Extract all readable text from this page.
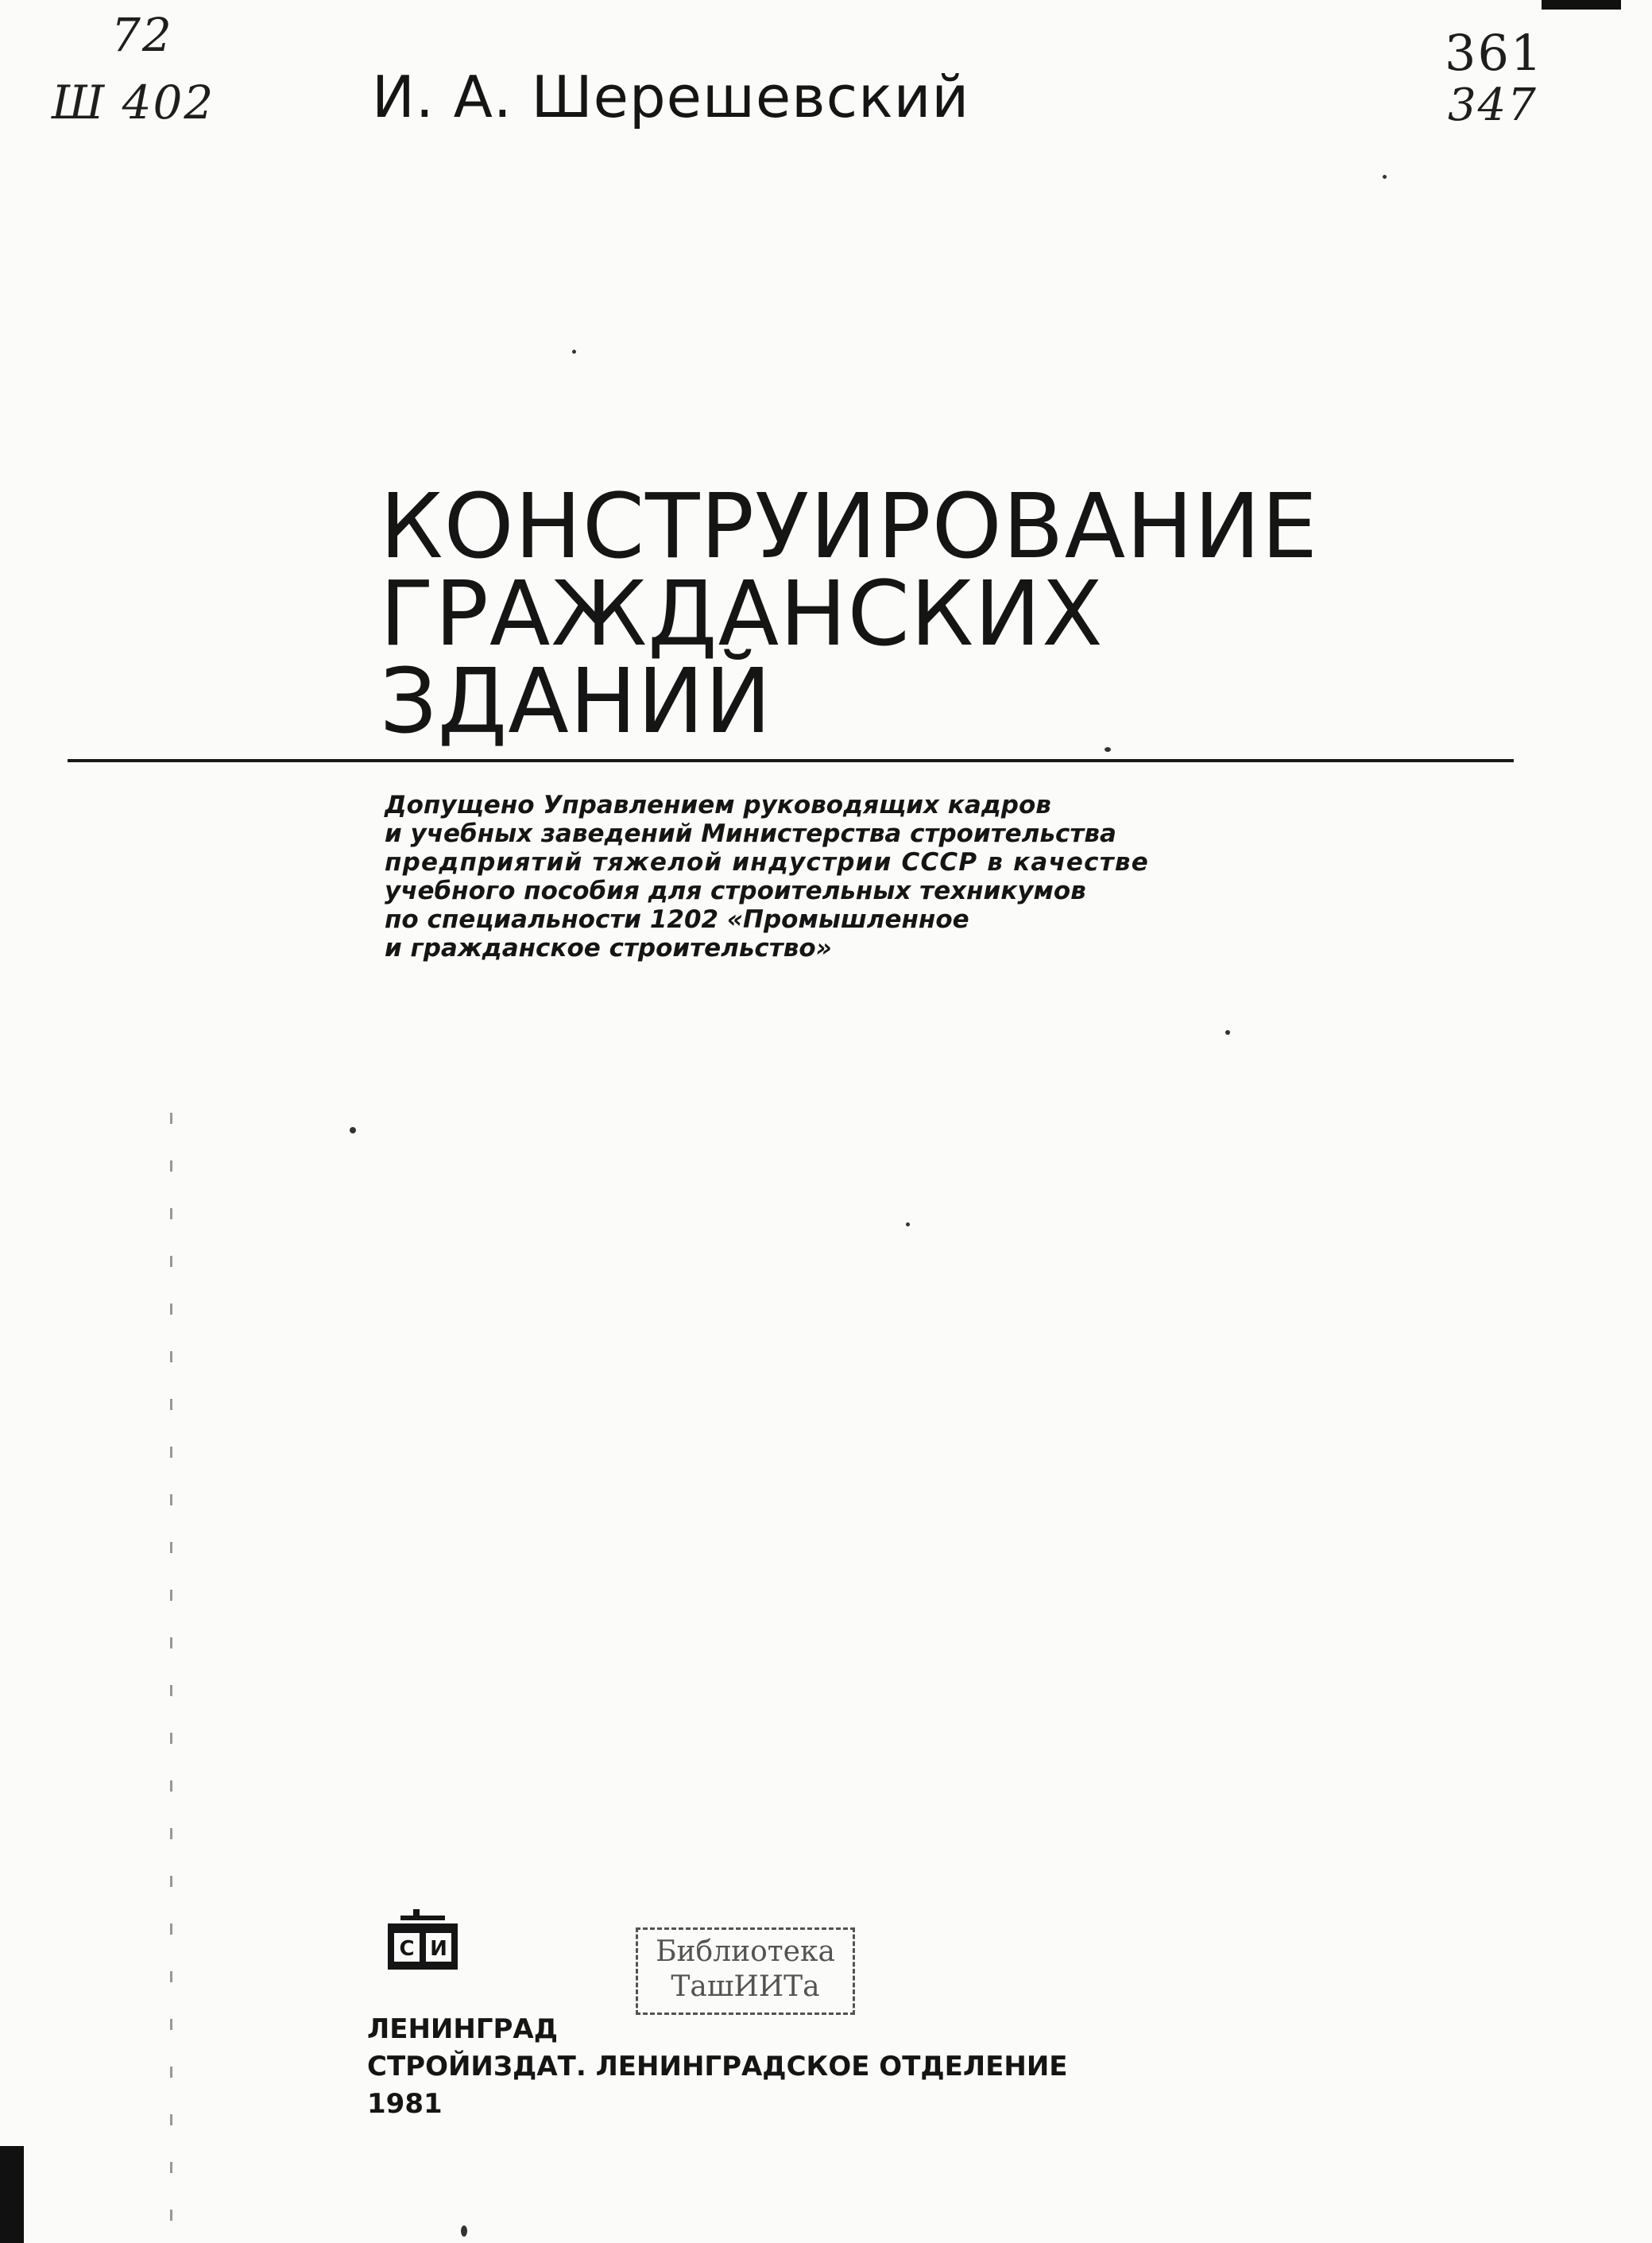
72
Ш 402
361
347
И. А. Шерешевский
КОНСТРУИРОВАНИЕ
ГРАЖДАНСКИХ
ЗДАНИЙ
Допущено Управлением руководящих кадров
и учебных заведений Министерства строительства
предприятий тяжелой индустрии СССР в качестве
учебного пособия для строительных техникумов
по специальности 1202 «Промышленное
и гражданское строительство»
С И	Библиотека
ТашИИТа
ЛЕНИНГРАД
СТРОЙИЗДАТ. ЛЕНИНГРАДСКОЕ ОТДЕЛЕНИЕ
1981
